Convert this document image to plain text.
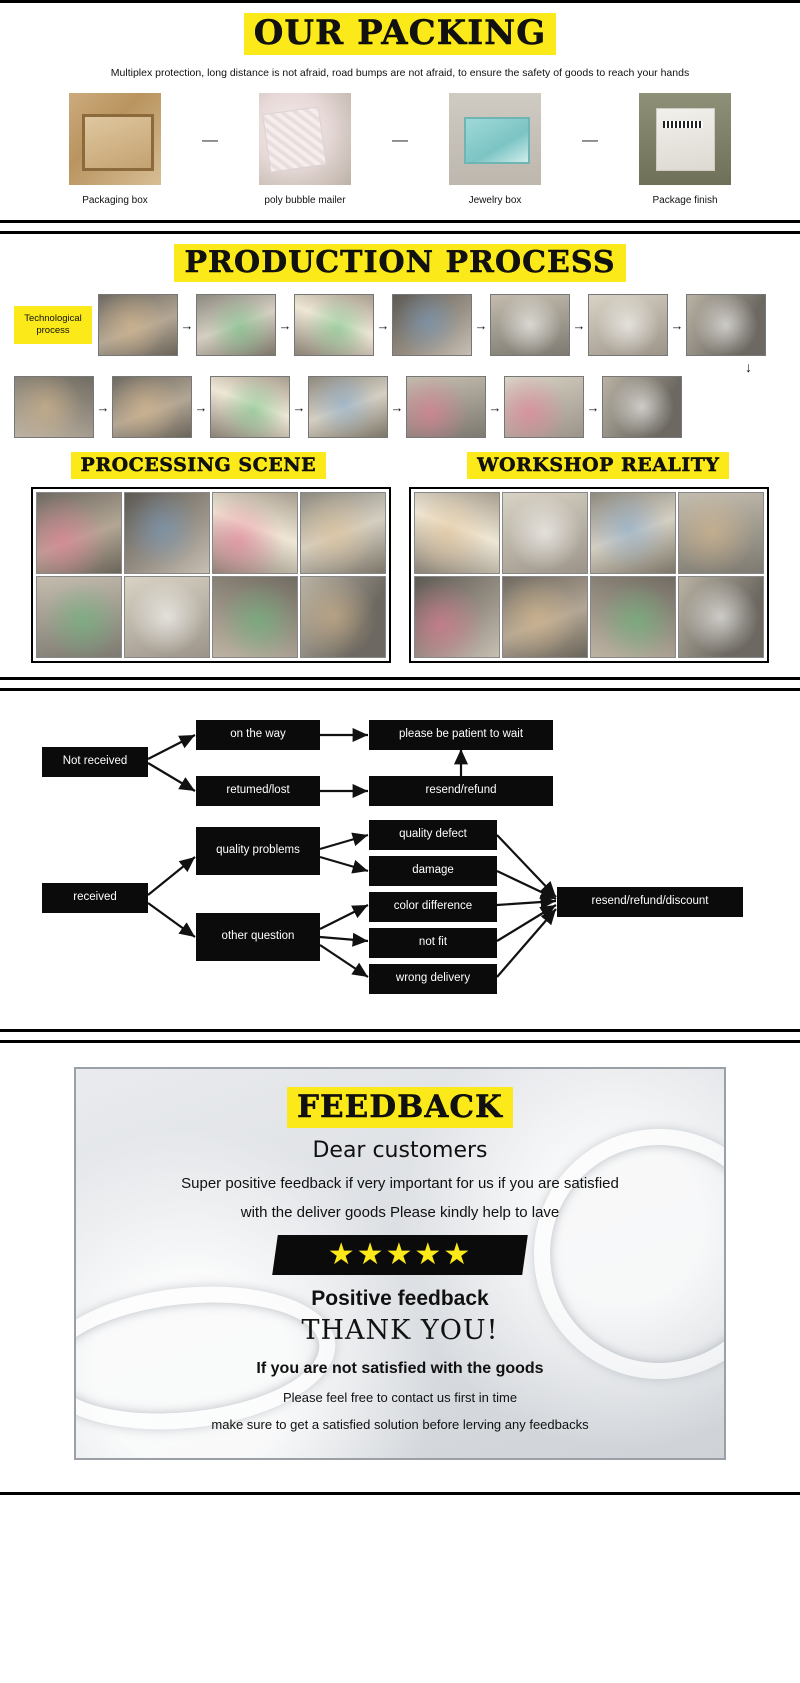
OUR PACKING
Multiplex protection, long distance is not afraid, road bumps are not afraid, to ensure the safety of goods to reach your hands
Packaging box
—
poly bubble mailer
—
Jewelry box
—
Package finish
PRODUCTION PROCESS
Technological
process	→	→	→	→	→	→
↓
→	→	→	→	→	→
PROCESSING SCENE	WORKSHOP REALITY
Not received
on the way
retumed/lost
please be patient to wait
resend/refund
received
quality problems
other question
quality defect
damage
color difference
not fit
wrong delivery
resend/refund/discount
FEEDBACK
Dear customers
Super positive feedback if very important for us if you are satisfied
with the deliver goods Please kindly help to lave
★★★★★
Positive feedback
THANK YOU!
If you are not satisfied with the goods
Please feel free to contact us first in time
make sure to get a satisfied solution before lerving any feedbacks
